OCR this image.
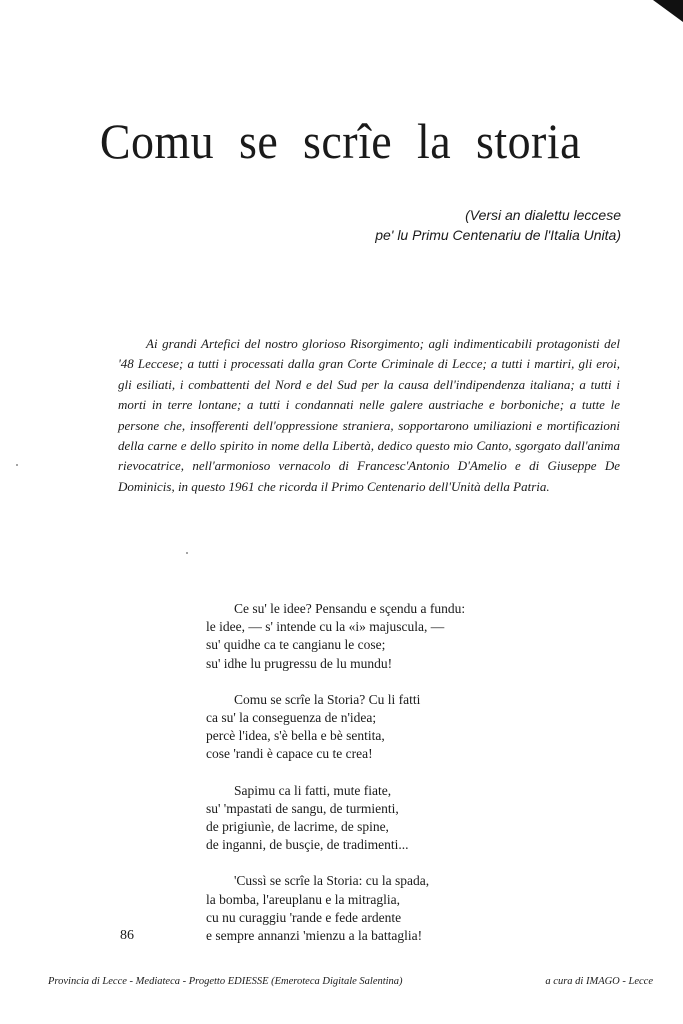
Comu se scrîe la storia
(Versi an dialettu leccese
pe' lu Primu Centenariu de l'Italia Unita)

Ai grandi Artefici del nostro glorioso Risorgimento; agli indimenticabili protagonisti del '48 Leccese; a tutti i processati dalla gran Corte Criminale di Lecce; a tutti i martiri, gli eroi, gli esiliati, i combattenti del Nord e del Sud per la causa dell'indipendenza italiana; a tutti i morti in terre lontane; a tutti i condannati nelle galere austriache e borboniche; a tutte le persone che, insofferenti dell'oppressione straniera, sopportarono umiliazioni e mortificazioni della carne e dello spirito in nome della Libertà, dedico questo mio Canto, sgorgato dall'anima rievocatrice, nell'armonioso vernacolo di Francesc'Antonio D'Amelio e di Giuseppe De Dominicis, in questo 1961 che ricorda il Primo Centenario dell'Unità della Patria.

Ce su' le idee? Pensandu e sçendu a fundu:
le idee, — s' intende cu la «i» majuscula, —
su' quidhe ca te cangianu le cose;
su' idhe lu prugressu de lu mundu!
Comu se scrîe la Storia? Cu li fatti
ca su' la conseguenza de n'idea;
percè l'idea, s'è bella e bè sentita,
cose 'randi è capace cu te crea!
Sapimu ca li fatti, mute fiate,
su' 'mpastati de sangu, de turmienti,
de prigiunìe, de lacrime, de spine,
de inganni, de busçie, de tradimenti...
'Cussì se scrîe la Storia: cu la spada,
la bomba, l'areuplanu e la mitraglia,
cu nu curaggiu 'rande e fede ardente
e sempre annanzi 'mienzu a la battaglia!
86
Provincia di Lecce - Mediateca - Progetto EDIESSE (Emeroteca Digitale Salentina)	a cura di IMAGO - Lecce
